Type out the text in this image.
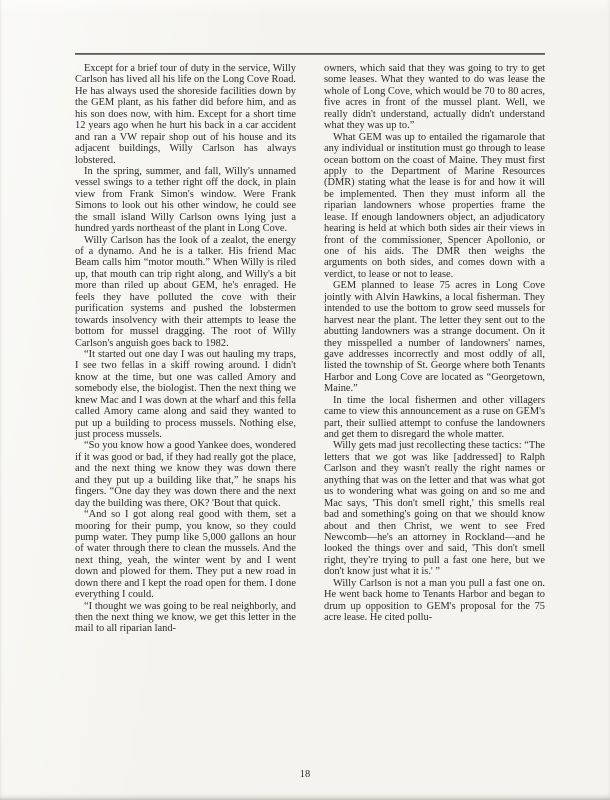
Except for a brief tour of duty in the service, Willy Carlson has lived all his life on the Long Cove Road. He has always used the shoreside facilities down by the GEM plant, as his father did before him, and as his son does now, with him. Except for a short time 12 years ago when he hurt his back in a car accident and ran a VW repair shop out of his house and its adjacent buildings, Willy Carlson has always lobstered.

In the spring, summer, and fall, Willy's unnamed vessel swings to a tether right off the dock, in plain view from Frank Simon's window. Were Frank Simons to look out his other window, he could see the small island Willy Carlson owns lying just a hundred yards northeast of the plant in Long Cove.

Willy Carlson has the look of a zealot, the energy of a dynamo. And he is a talker. His friend Mac Beam calls him “motor mouth.” When Willy is riled up, that mouth can trip right along, and Willy's a bit more than riled up about GEM, he's enraged. He feels they have polluted the cove with their purification systems and pushed the lobstermen towards insolvency with their attempts to lease the bottom for mussel dragging. The root of Willy Carlson's anguish goes back to 1982.

“It started out one day I was out hauling my traps, I see two fellas in a skiff rowing around. I didn't know at the time, but one was called Amory and somebody else, the biologist. Then the next thing we knew Mac and I was down at the wharf and this fella called Amory came along and said they wanted to put up a building to process mussels. Nothing else, just process mussels.

“So you know how a good Yankee does, wondered if it was good or bad, if they had really got the place, and the next thing we know they was down there and they put up a building like that,” he snaps his fingers. “One day they was down there and the next day the building was there, OK? 'Bout that quick.

“And so I got along real good with them, set a mooring for their pump, you know, so they could pump water. They pump like 5,000 gallons an hour of water through there to clean the mussels. And the next thing, yeah, the winter went by and I went down and plowed for them. They put a new road in down there and I kept the road open for them. I done everything I could.

“I thought we was going to be real neighborly, and then the next thing we know, we get this letter in the mail to all riparian land-

owners, which said that they was going to try to get some leases. What they wanted to do was lease the whole of Long Cove, which would be 70 to 80 acres, five acres in front of the mussel plant. Well, we really didn't understand, actually didn't understand what they was up to.”

What GEM was up to entailed the rigamarole that any individual or institution must go through to lease ocean bottom on the coast of Maine. They must first apply to the Department of Marine Resources (DMR) stating what the lease is for and how it will be implemented. Then they must inform all the riparian landowners whose properties frame the lease. If enough landowners object, an adjudicatory hearing is held at which both sides air their views in front of the commissioner, Spencer Apollonio, or one of his aids. The DMR then weighs the arguments on both sides, and comes down with a verdict, to lease or not to lease.

GEM planned to lease 75 acres in Long Cove jointly with Alvin Hawkins, a local fisherman. They intended to use the bottom to grow seed mussels for harvest near the plant. The letter they sent out to the abutting landowners was a strange document. On it they misspelled a number of landowners' names, gave addresses incorrectly and most oddly of all, listed the township of St. George where both Tenants Harbor and Long Cove are located as “Georgetown, Maine.”

In time the local fishermen and other villagers came to view this announcement as a ruse on GEM's part, their sullied attempt to confuse the landowners and get them to disregard the whole matter.

Willy gets mad just recollecting these tactics: “The letters that we got was like [addressed] to Ralph Carlson and they wasn't really the right names or anything that was on the letter and that was what got us to wondering what was going on and so me and Mac says, 'This don't smell right,' this smells real bad and something's going on that we should know about and then Christ, we went to see Fred Newcomb—he's an attorney in Rockland—and he looked the things over and said, 'This don't smell right, they're trying to pull a fast one here, but we don't know just what it is.' ”

Willy Carlson is not a man you pull a fast one on. He went back home to Tenants Harbor and began to drum up opposition to GEM's proposal for the 75 acre lease. He cited pollu-

18
